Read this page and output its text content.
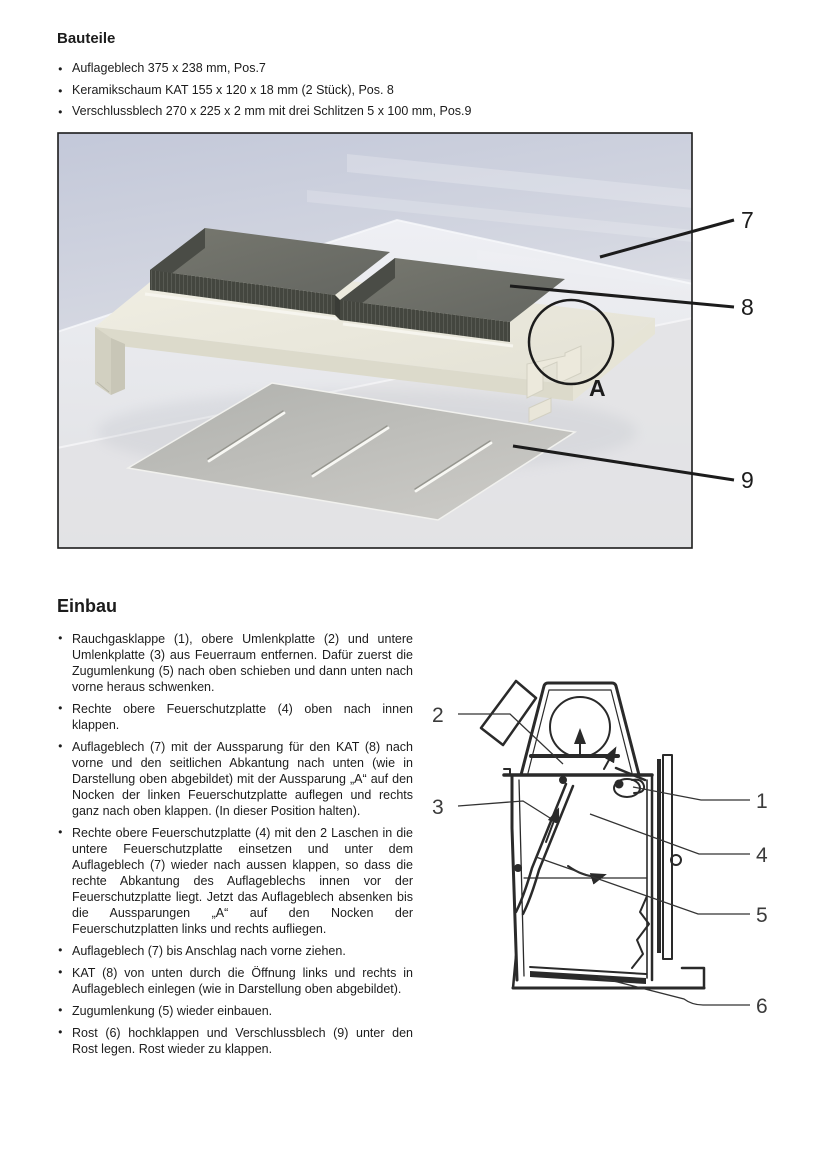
Bauteile
● Auflageblech 375 x 238 mm, Pos.7
● Keramikschaum KAT 155 x 120 x 18 mm (2 Stück), Pos. 8
● Verschlussblech 270 x 225 x 2 mm mit drei Schlitzen 5 x 100 mm, Pos.9
7
8
9
A
Einbau
● Rauchgasklappe (1), obere Umlenkplatte (2) und untere Umlenkplatte (3) aus Feuerraum entfernen. Dafür zuerst die Zugumlenkung (5) nach oben schieben und dann unten nach vorne heraus schwenken.
● Rechte obere Feuerschutzplatte (4) oben nach innen klappen.
● Auflageblech (7) mit der Aussparung für den KAT (8) nach vorne und den seitlichen Abkantung nach unten (wie in Darstellung oben abgebildet) mit der Aussparung „A“ auf den Nocken der linken Feuerschutzplatte auflegen und rechts ganz nach oben klappen. (In dieser Position halten).
● Rechte obere Feuerschutzplatte (4) mit den 2 Laschen in die untere Feuerschutzplatte einsetzen und unter dem Auflageblech (7) wieder nach aussen klappen, so dass die rechte Abkantung des Auflageblechs innen vor der Feuerschutzplatte liegt. Jetzt das Auflageblech absenken bis die Aussparungen „A“ auf den Nocken der Feuerschutzplatten links und rechts aufliegen.
● Auflageblech (7) bis Anschlag nach vorne ziehen.
● KAT (8) von unten durch die Öffnung links und rechts in Auflageblech einlegen (wie in Darstellung oben abgebildet).
● Zugumlenkung (5) wieder einbauen.
● Rost (6) hochklappen und Verschlussblech (9) unter den Rost legen. Rost wieder zu klappen.
2
3	1
4
5
6
